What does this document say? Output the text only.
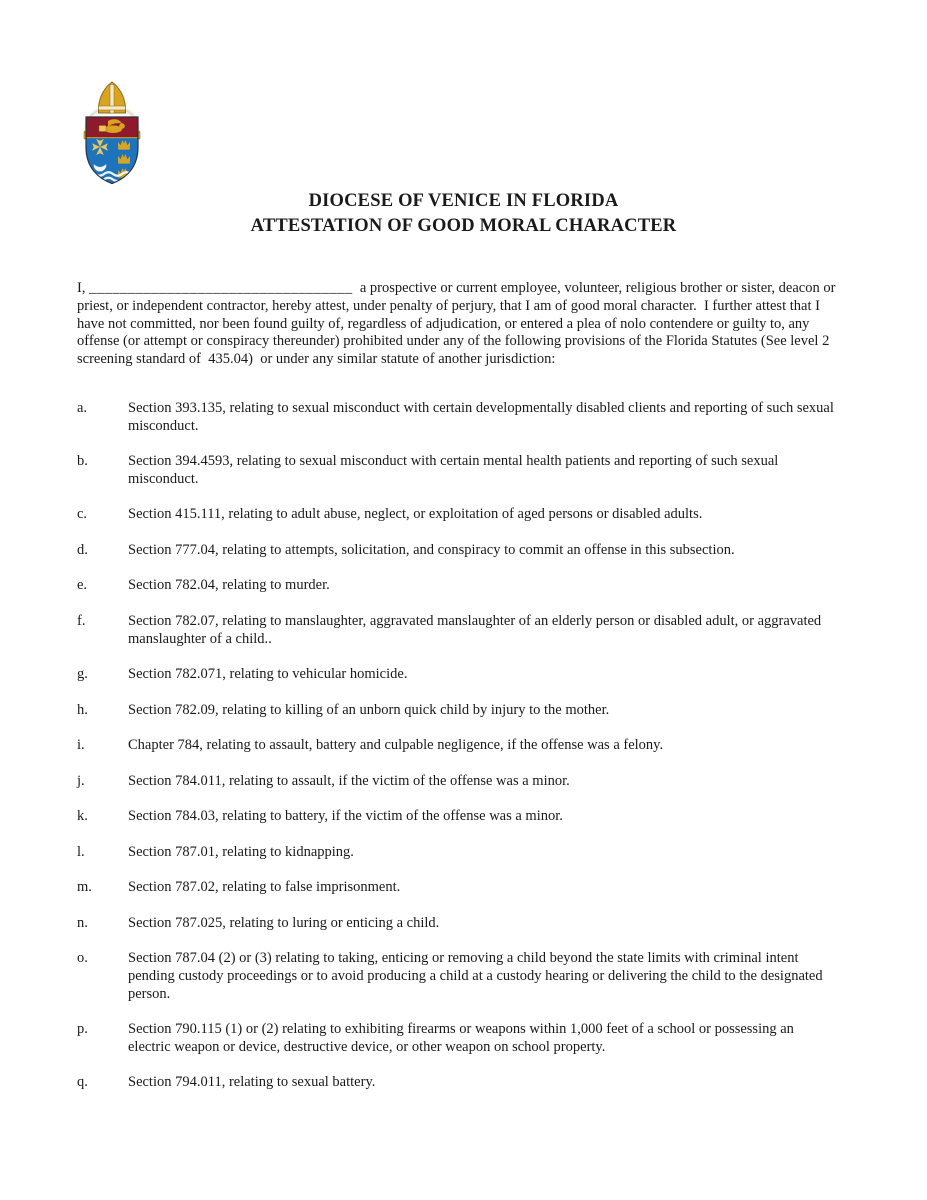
DIOCESE OF VENICE IN FLORIDA
ATTESTATION OF GOOD MORAL CHARACTER

I, __________________________________  a prospective or current employee, volunteer, religious brother or sister, deacon or priest, or independent contractor, hereby attest, under penalty of perjury, that I am of good moral character.  I further attest that I have not committed, nor been found guilty of, regardless of adjudication, or entered a plea of nolo contendere or guilty to, any offense (or attempt or conspiracy thereunder) prohibited under any of the following provisions of the Florida Statutes (See level 2 screening standard of  435.04)  or under any similar statute of another jurisdiction:

a.	Section 393.135, relating to sexual misconduct with certain developmentally disabled clients and reporting of such sexual misconduct.
b.	Section 394.4593, relating to sexual misconduct with certain mental health patients and reporting of such sexual misconduct.
c.	Section 415.111, relating to adult abuse, neglect, or exploitation of aged persons or disabled adults.
d.	Section 777.04, relating to attempts, solicitation, and conspiracy to commit an offense in this subsection.
e.	Section 782.04, relating to murder.
f.	Section 782.07, relating to manslaughter, aggravated manslaughter of an elderly person or disabled adult, or aggravated manslaughter of a child..
g.	Section 782.071, relating to vehicular homicide.
h.	Section 782.09, relating to killing of an unborn quick child by injury to the mother.
i.	Chapter 784, relating to assault, battery and culpable negligence, if the offense was a felony.
j.	Section 784.011, relating to assault, if the victim of the offense was a minor.
k.	Section 784.03, relating to battery, if the victim of the offense was a minor.
l.	Section 787.01, relating to kidnapping.
m.	Section 787.02, relating to false imprisonment.
n.	Section 787.025, relating to luring or enticing a child.
o.	Section 787.04 (2) or (3) relating to taking, enticing or removing a child beyond the state limits with criminal intent pending custody proceedings or to avoid producing a child at a custody hearing or delivering the child to the designated person.
p.	Section 790.115 (1) or (2) relating to exhibiting firearms or weapons within 1,000 feet of a school or possessing an electric weapon or device, destructive device, or other weapon on school property.
q.	Section 794.011, relating to sexual battery.
